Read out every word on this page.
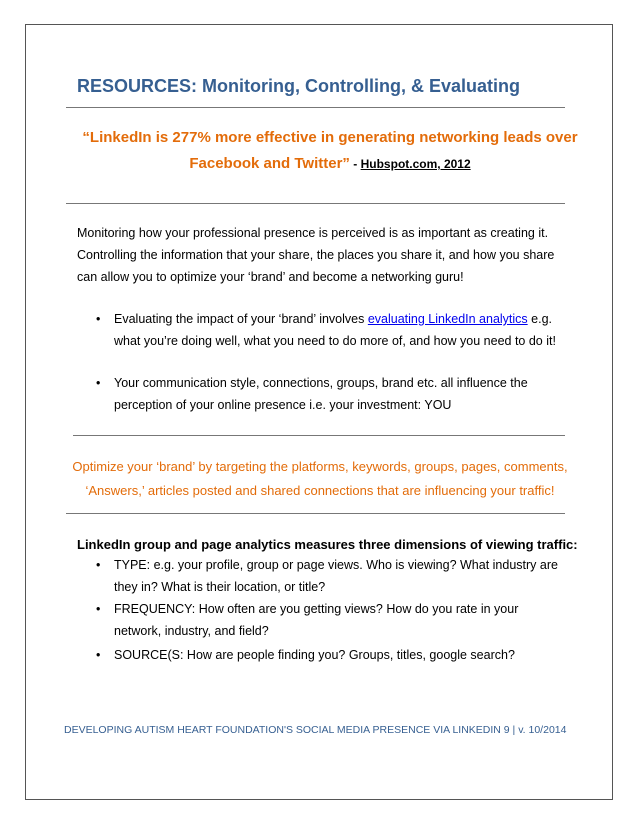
RESOURCES: Monitoring, Controlling, & Evaluating
“LinkedIn is 277% more effective in generating networking leads over
Facebook and Twitter” - Hubspot.com, 2012
Monitoring how your professional presence is perceived is as important as creating it.
Controlling the information that your share, the places you share it, and how you share
can allow you to optimize your ‘brand’ and become a networking guru!
• Evaluating the impact of your ‘brand’ involves evaluating LinkedIn analytics e.g.
what you’re doing well, what you need to do more of, and how you need to do it!
• Your communication style, connections, groups, brand etc. all influence the
perception of your online presence i.e. your investment: YOU
Optimize your ‘brand’ by targeting the platforms, keywords, groups, pages, comments,
‘Answers,’ articles posted and shared connections that are influencing your traffic!
LinkedIn group and page analytics measures three dimensions of viewing traffic:
• TYPE: e.g. your profile, group or page views. Who is viewing? What industry are
they in? What is their location, or title?
• FREQUENCY: How often are you getting views? How do you rate in your
network, industry, and field?
• SOURCE(S: How are people finding you? Groups, titles, google search?
DEVELOPING AUTISM HEART FOUNDATION'S SOCIAL MEDIA PRESENCE VIA LINKEDIN 9 | v. 10/2014
